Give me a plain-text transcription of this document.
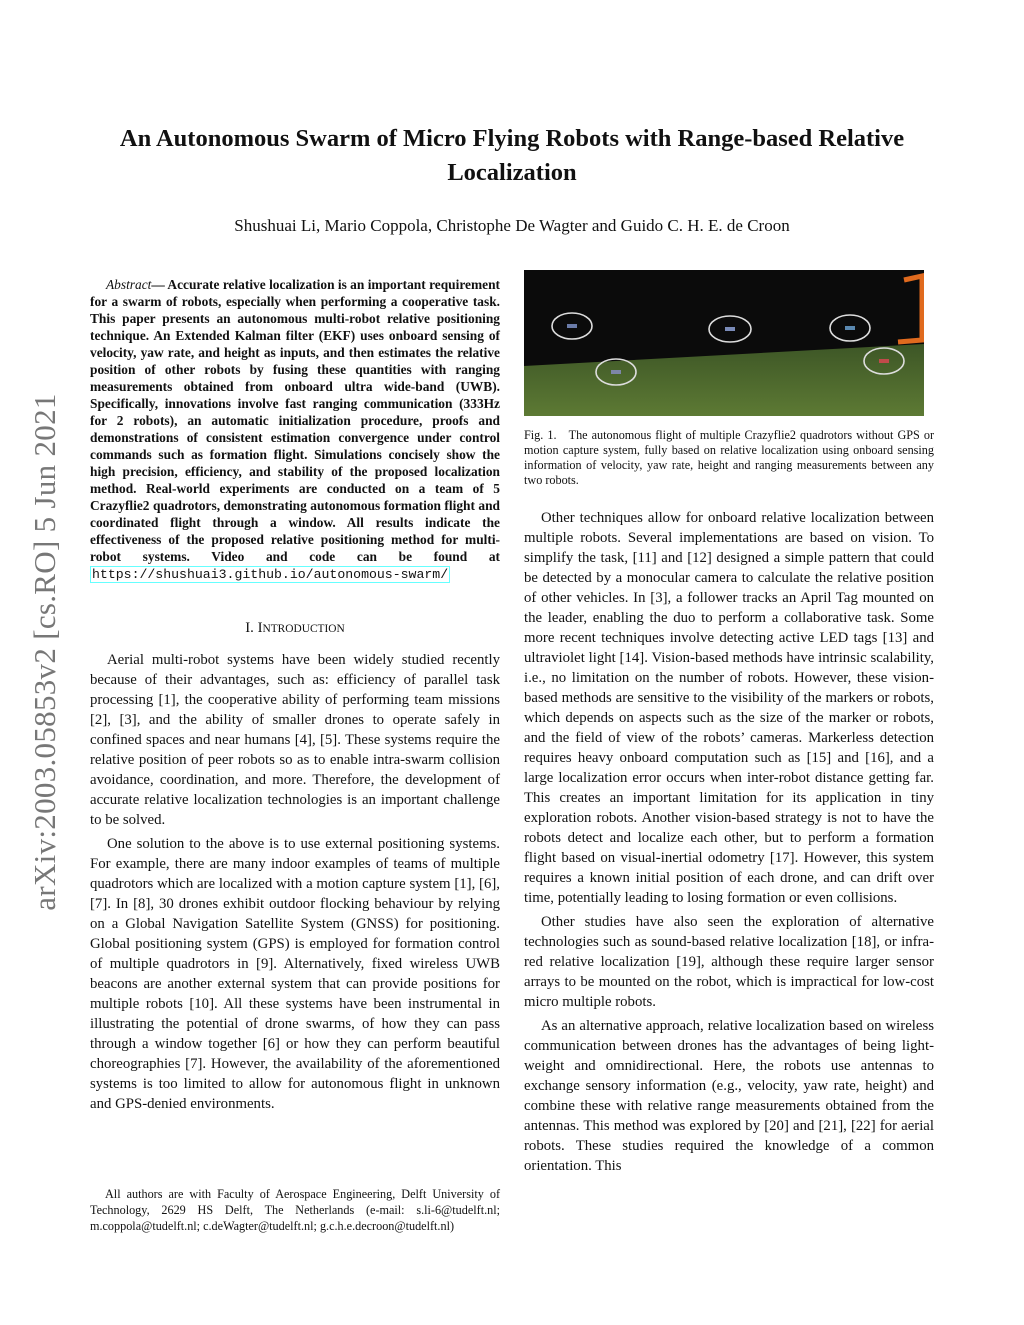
An Autonomous Swarm of Micro Flying Robots with Range-based Relative Localization
Shushuai Li, Mario Coppola, Christophe De Wagter and Guido C. H. E. de Croon
arXiv:2003.05853v2 [cs.RO] 5 Jun 2021

Abstract— Accurate relative localization is an important requirement for a swarm of robots, especially when performing a cooperative task. This paper presents an autonomous multi-robot relative positioning technique. An Extended Kalman filter (EKF) uses onboard sensing of velocity, yaw rate, and height as inputs, and then estimates the relative position of other robots by fusing these quantities with ranging measurements obtained from onboard ultra wide-band (UWB). Specifically, innovations involve fast ranging communication (333Hz for 2 robots), an automatic initialization procedure, proofs and demonstrations of consistent estimation convergence under control commands such as formation flight. Simulations concisely show the high precision, efficiency, and stability of the proposed localization method. Real-world experiments are conducted on a team of 5 Crazyflie2 quadrotors, demonstrating autonomous formation flight and coordinated flight through a window. All results indicate the effectiveness of the proposed relative positioning method for multi-robot systems. Video and code can be found at https://shushuai3.github.io/autonomous-swarm/

I. INTRODUCTION

Aerial multi-robot systems have been widely studied recently because of their advantages, such as: efficiency of parallel task processing [1], the cooperative ability of performing team missions [2], [3], and the ability of smaller drones to operate safely in confined spaces and near humans [4], [5]. These systems require the relative position of peer robots so as to enable intra-swarm collision avoidance, coordination, and more. Therefore, the development of accurate relative localization technologies is an important challenge to be solved.

One solution to the above is to use external positioning systems. For example, there are many indoor examples of teams of multiple quadrotors which are localized with a motion capture system [1], [6], [7]. In [8], 30 drones exhibit outdoor flocking behaviour by relying on a Global Navigation Satellite System (GNSS) for positioning. Global positioning system (GPS) is employed for formation control of multiple quadrotors in [9]. Alternatively, fixed wireless UWB beacons are another external system that can provide positions for multiple robots [10]. All these systems have been instrumental in illustrating the potential of drone swarms, of how they can pass through a window together [6] or how they can perform beautiful choreographies [7]. However, the availability of the aforementioned systems is too limited to allow for autonomous flight in unknown and GPS-denied environments.

All authors are with Faculty of Aerospace Engineering, Delft University of Technology, 2629 HS Delft, The Netherlands (e-mail: s.li-6@tudelft.nl; m.coppola@tudelft.nl; c.deWagter@tudelft.nl; g.c.h.e.decroon@tudelft.nl)

Fig. 1. The autonomous flight of multiple Crazyflie2 quadrotors without GPS or motion capture system, fully based on relative localization using onboard sensing information of velocity, yaw rate, height and ranging measurements between any two robots.

Other techniques allow for onboard relative localization between multiple robots. Several implementations are based on vision. To simplify the task, [11] and [12] designed a simple pattern that could be detected by a monocular camera to calculate the relative position of other vehicles. In [3], a follower tracks an April Tag mounted on the leader, enabling the duo to perform a collaborative task. Some more recent techniques involve detecting active LED tags [13] and ultraviolet light [14]. Vision-based methods have intrinsic scalability, i.e., no limitation on the number of robots. However, these vision-based methods are sensitive to the visibility of the markers or robots, which depends on aspects such as the size of the marker or robots, and the field of view of the robots’ cameras. Markerless detection requires heavy onboard computation such as [15] and [16], and a large localization error occurs when inter-robot distance getting far. This creates an important limitation for its application in tiny exploration robots. Another vision-based strategy is not to have the robots detect and localize each other, but to perform a formation flight based on visual-inertial odometry [17]. However, this system requires a known initial position of each drone, and can drift over time, potentially leading to losing formation or even collisions.

Other studies have also seen the exploration of alternative technologies such as sound-based relative localization [18], or infra-red relative localization [19], although these require larger sensor arrays to be mounted on the robot, which is impractical for low-cost micro multiple robots.

As an alternative approach, relative localization based on wireless communication between drones has the advantages of being light-weight and omnidirectional. Here, the robots use antennas to exchange sensory information (e.g., velocity, yaw rate, height) and combine these with relative range measurements obtained from the antennas. This method was explored by [20] and [21], [22] for aerial robots. These studies required the knowledge of a common orientation. This
